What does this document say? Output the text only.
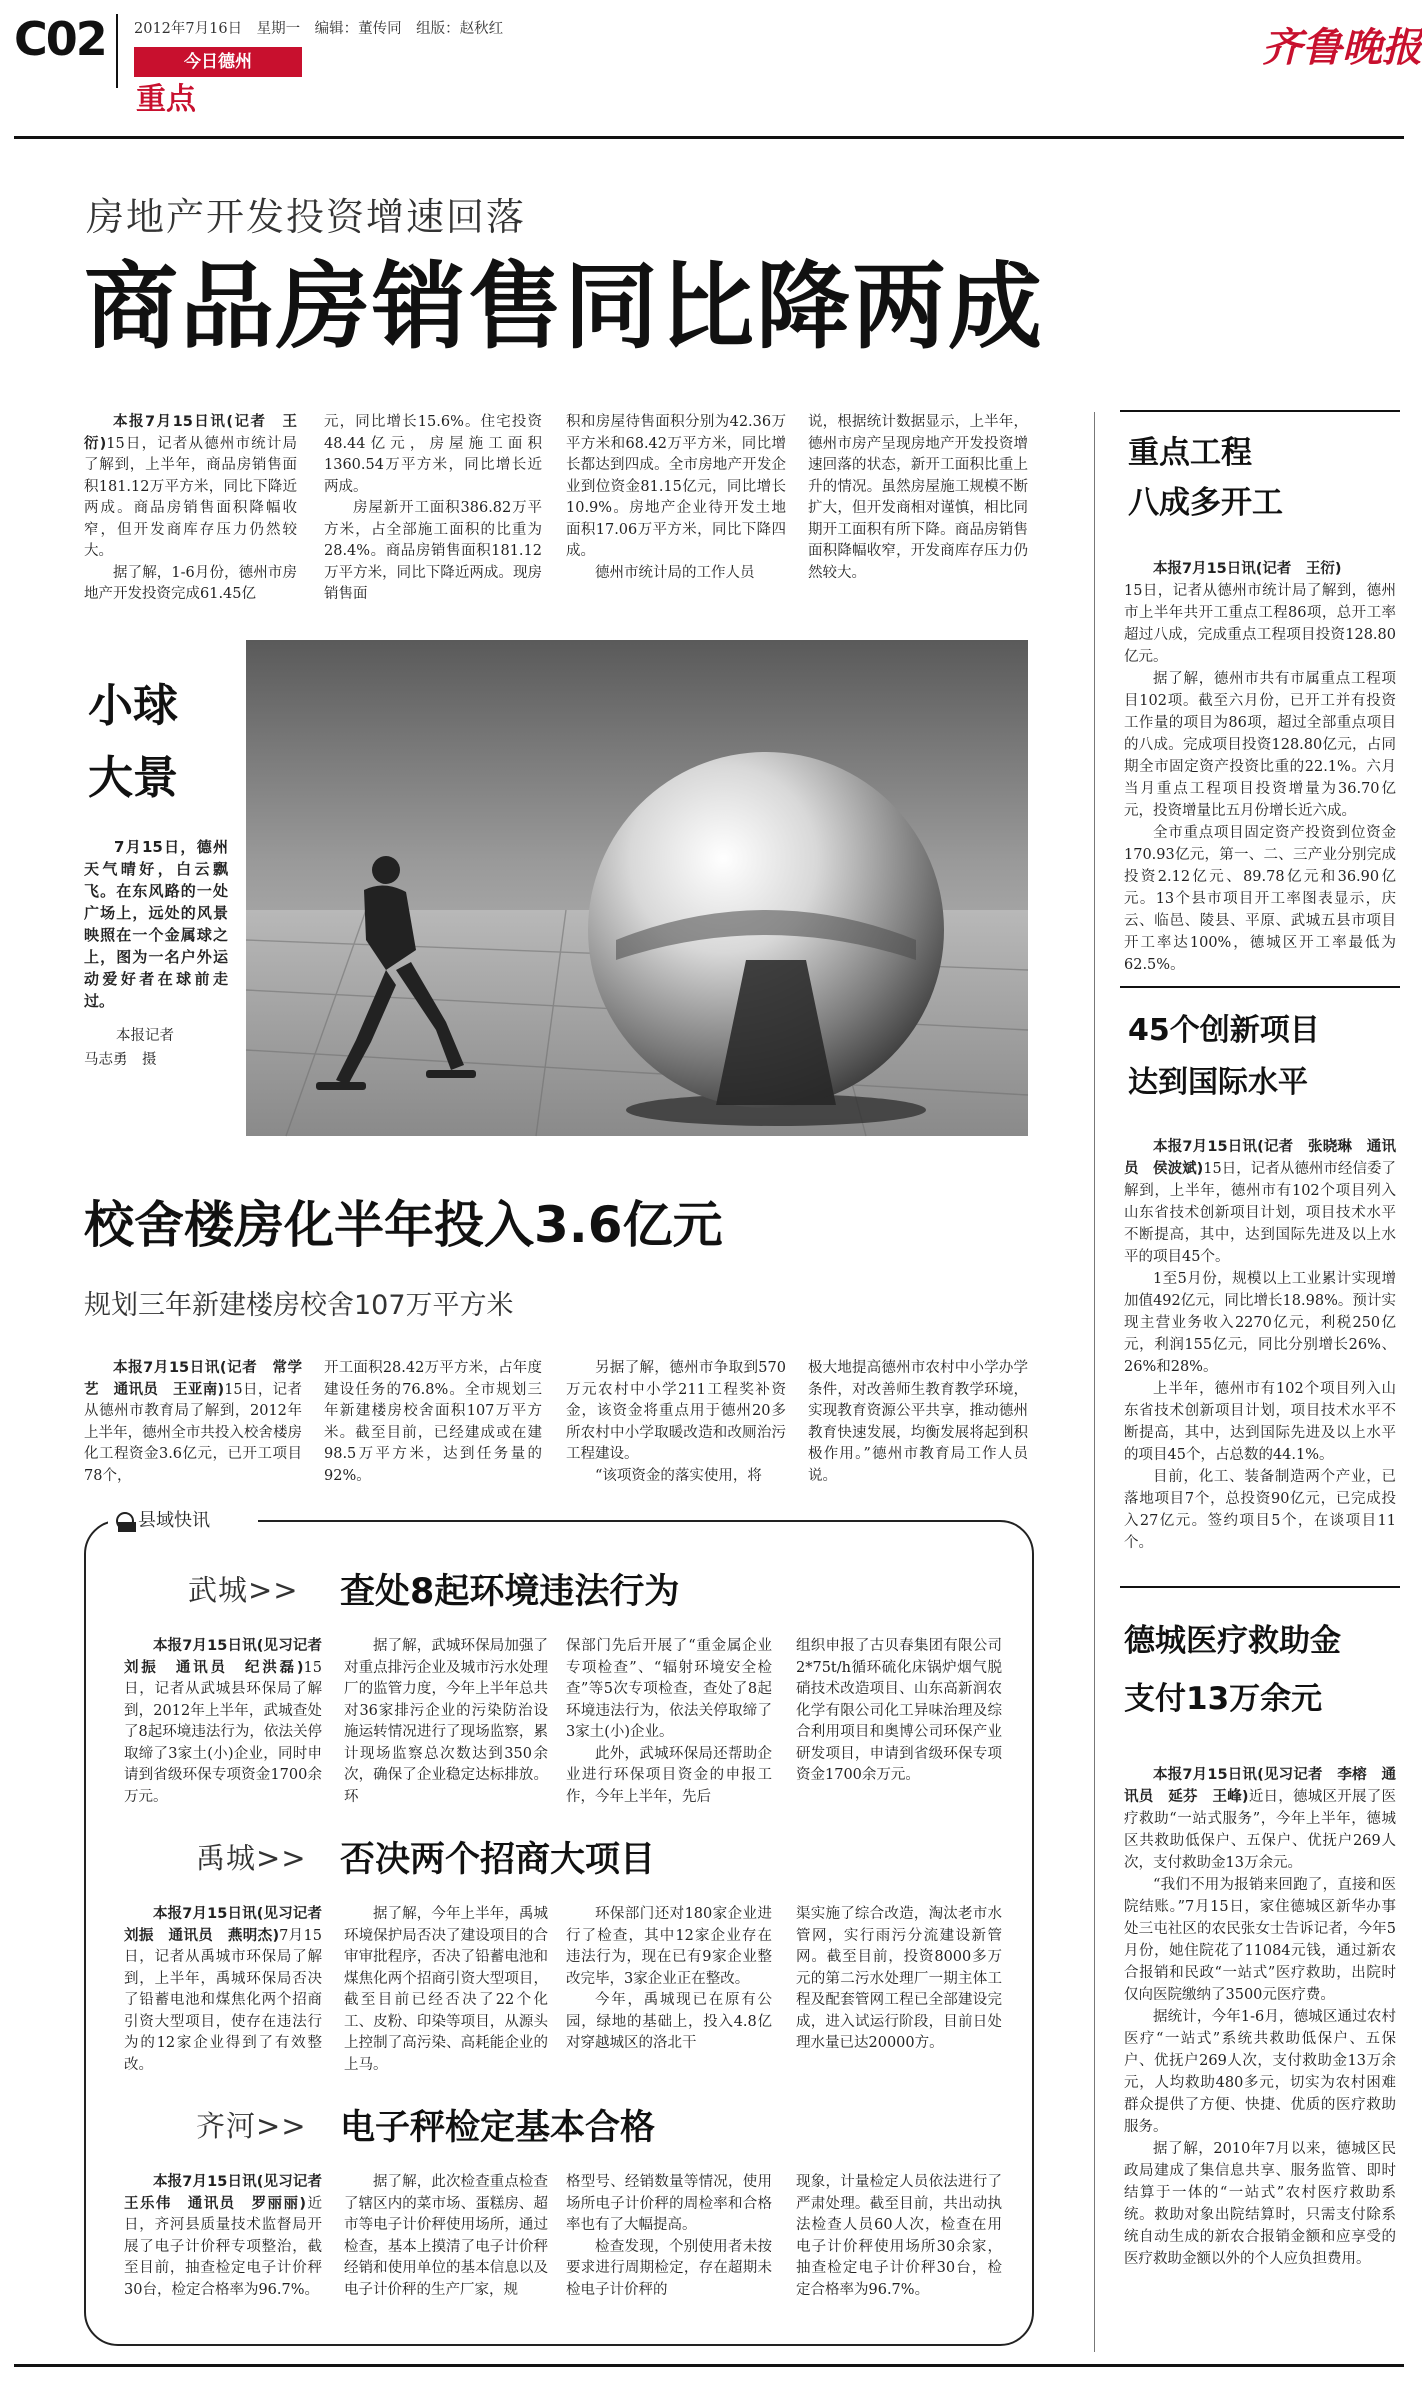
C02 2012年7月16日　星期一　编辑：董传同　组版：赵秋红
今日德州
重点
齐鲁晚报
房地产开发投资增速回落
商品房销售同比降两成

本报7月15日讯(记者　王衍)15日，记者从德州市统计局了解到，上半年，商品房销售面积181.12万平方米，同比下降近两成。商品房销售面积降幅收窄，但开发商库存压力仍然较大。

据了解，1-6月份，德州市房地产开发投资完成61.45亿

元，同比增长15.6%。住宅投资48.44亿元，房屋施工面积1360.54万平方米，同比增长近两成。

房屋新开工面积386.82万平方米，占全部施工面积的比重为28.4%。商品房销售面积181.12万平方米，同比下降近两成。现房销售面

积和房屋待售面积分别为42.36万平方米和68.42万平方米，同比增长都达到四成。全市房地产开发企业到位资金81.15亿元，同比增长10.9%。房地产企业待开发土地面积17.06万平方米，同比下降四成。

德州市统计局的工作人员

说，根据统计数据显示，上半年，德州市房产呈现房地产开发投资增速回落的状态，新开工面积比重上升的情况。虽然房屋施工规模不断扩大，但开发商相对谨慎，相比同期开工面积有所下降。商品房销售面积降幅收窄，开发商库存压力仍然较大。

小球
大景
7月15日，德州天气晴好，白云飘飞。在东风路的一处广场上，远处的风景映照在一个金属球之上，图为一名户外运动爱好者在球前走过。
本报记者
马志勇　摄
校舍楼房化半年投入3.6亿元
规划三年新建楼房校舍107万平方米

本报7月15日讯(记者　常学艺　通讯员　王亚南)15日，记者从德州市教育局了解到，2012年上半年，德州全市共投入校舍楼房化工程资金3.6亿元，已开工项目78个，

开工面积28.42万平方米，占年度建设任务的76.8%。全市规划三年新建楼房校舍面积107万平方米。截至目前，已经建成或在建98.5万平方米，达到任务量的92%。

另据了解，德州市争取到570万元农村中小学211工程奖补资金，该资金将重点用于德州20多所农村中小学取暖改造和改厕治污工程建设。

“该项资金的落实使用，将

极大地提高德州市农村中小学办学条件，对改善师生教育教学环境，实现教育资源公平共享，推动德州教育快速发展，均衡发展将起到积极作用。”德州市教育局工作人员说。

县域快讯
武城>> 查处8起环境违法行为

本报7月15日讯(见习记者　刘振　通讯员　纪洪磊)15日，记者从武城县环保局了解到，2012年上半年，武城查处了8起环境违法行为，依法关停取缔了3家土(小)企业，同时申请到省级环保专项资金1700余万元。

据了解，武城环保局加强了对重点排污企业及城市污水处理厂的监管力度，今年上半年总共对36家排污企业的污染防治设施运转情况进行了现场监察，累计现场监察总次数达到350余次，确保了企业稳定达标排放。环

保部门先后开展了“重金属企业专项检查”、“辐射环境安全检查”等5次专项检查，查处了8起环境违法行为，依法关停取缔了3家土(小)企业。

此外，武城环保局还帮助企业进行环保项目资金的申报工作，今年上半年，先后

组织申报了古贝春集团有限公司2*75t/h循环硫化床锅炉烟气脱硝技术改造项目、山东高新润农化学有限公司化工异味治理及综合利用项目和奥博公司环保产业研发项目，申请到省级环保专项资金1700余万元。

禹城>> 否决两个招商大项目

本报7月15日讯(见习记者　刘振　通讯员　燕明杰)7月15日，记者从禹城市环保局了解到，上半年，禹城环保局否决了铅蓄电池和煤焦化两个招商引资大型项目，使存在违法行为的12家企业得到了有效整改。

据了解，今年上半年，禹城环境保护局否决了建设项目的合审审批程序，否决了铅蓄电池和煤焦化两个招商引资大型项目，截至目前已经否决了22个化工、皮粉、印染等项目，从源头上控制了高污染、高耗能企业的上马。

环保部门还对180家企业进行了检查，其中12家企业存在违法行为，现在已有9家企业整改完毕，3家企业正在整改。

今年，禹城现已在原有公园，绿地的基础上，投入4.8亿对穿越城区的洛北干

渠实施了综合改造，淘汰老市水管网，实行雨污分流建设新管网。截至目前，投资8000多万元的第二污水处理厂一期主体工程及配套管网工程已全部建设完成，进入试运行阶段，目前日处理水量已达20000方。

齐河>> 电子秤检定基本合格

本报7月15日讯(见习记者　王乐伟　通讯员　罗丽丽)近日，齐河县质量技术监督局开展了电子计价秤专项整治，截至目前，抽查检定电子计价秤30台，检定合格率为96.7%。

据了解，此次检查重点检查了辖区内的菜市场、蛋糕房、超市等电子计价秤使用场所，通过检查，基本上摸清了电子计价秤经销和使用单位的基本信息以及电子计价秤的生产厂家，规

格型号、经销数量等情况，使用场所电子计价秤的周检率和合格率也有了大幅提高。

检查发现，个别使用者未按要求进行周期检定，存在超期未检电子计价秤的

现象，计量检定人员依法进行了严肃处理。截至目前，共出动执法检查人员60人次，检查在用电子计价秤使用场所30余家，抽查检定电子计价秤30台，检定合格率为96.7%。

重点工程
八成多开工

本报7月15日讯(记者　王衍)

15日，记者从德州市统计局了解到，德州市上半年共开工重点工程86项，总开工率超过八成，完成重点工程项目投资128.80亿元。

据了解，德州市共有市属重点工程项目102项。截至六月份，已开工并有投资工作量的项目为86项，超过全部重点项目的八成。完成项目投资128.80亿元，占同期全市固定资产投资比重的22.1%。六月当月重点工程项目投资增量为36.70亿元，投资增量比五月份增长近六成。

全市重点项目固定资产投资到位资金170.93亿元，第一、二、三产业分别完成投资2.12亿元、89.78亿元和36.90亿元。13个县市项目开工率图表显示，庆云、临邑、陵县、平原、武城五县市项目开工率达100%，德城区开工率最低为62.5%。

45个创新项目
达到国际水平

本报7月15日讯(记者　张晓琳　通讯员　侯波斌)15日，记者从德州市经信委了解到，上半年，德州市有102个项目列入山东省技术创新项目计划，项目技术水平不断提高，其中，达到国际先进及以上水平的项目45个。

1至5月份，规模以上工业累计实现增加值492亿元，同比增长18.98%。预计实现主营业务收入2270亿元，利税250亿元，利润155亿元，同比分别增长26%、26%和28%。

上半年，德州市有102个项目列入山东省技术创新项目计划，项目技术水平不断提高，其中，达到国际先进及以上水平的项目45个，占总数的44.1%。

目前，化工、装备制造两个产业，已落地项目7个，总投资90亿元，已完成投入27亿元。签约项目5个，在谈项目11个。

德城医疗救助金
支付13万余元

本报7月15日讯(见习记者　李榕　通讯员　延芬　王峰)近日，德城区开展了医疗救助“一站式服务”，今年上半年，德城区共救助低保户、五保户、优抚户269人次，支付救助金13万余元。

“我们不用为报销来回跑了，直接和医院结账。”7月15日，家住德城区新华办事处三屯社区的农民张女士告诉记者，今年5月份，她住院花了11084元钱，通过新农合报销和民政“一站式”医疗救助，出院时仅向医院缴纳了3500元医疗费。

据统计，今年1-6月，德城区通过农村医疗“一站式”系统共救助低保户、五保户、优抚户269人次，支付救助金13万余元，人均救助480多元，切实为农村困难群众提供了方便、快捷、优质的医疗救助服务。

据了解，2010年7月以来，德城区民政局建成了集信息共享、服务监管、即时结算于一体的“一站式”农村医疗救助系统。救助对象出院结算时，只需支付除系统自动生成的新农合报销金额和应享受的医疗救助金额以外的个人应负担费用。
